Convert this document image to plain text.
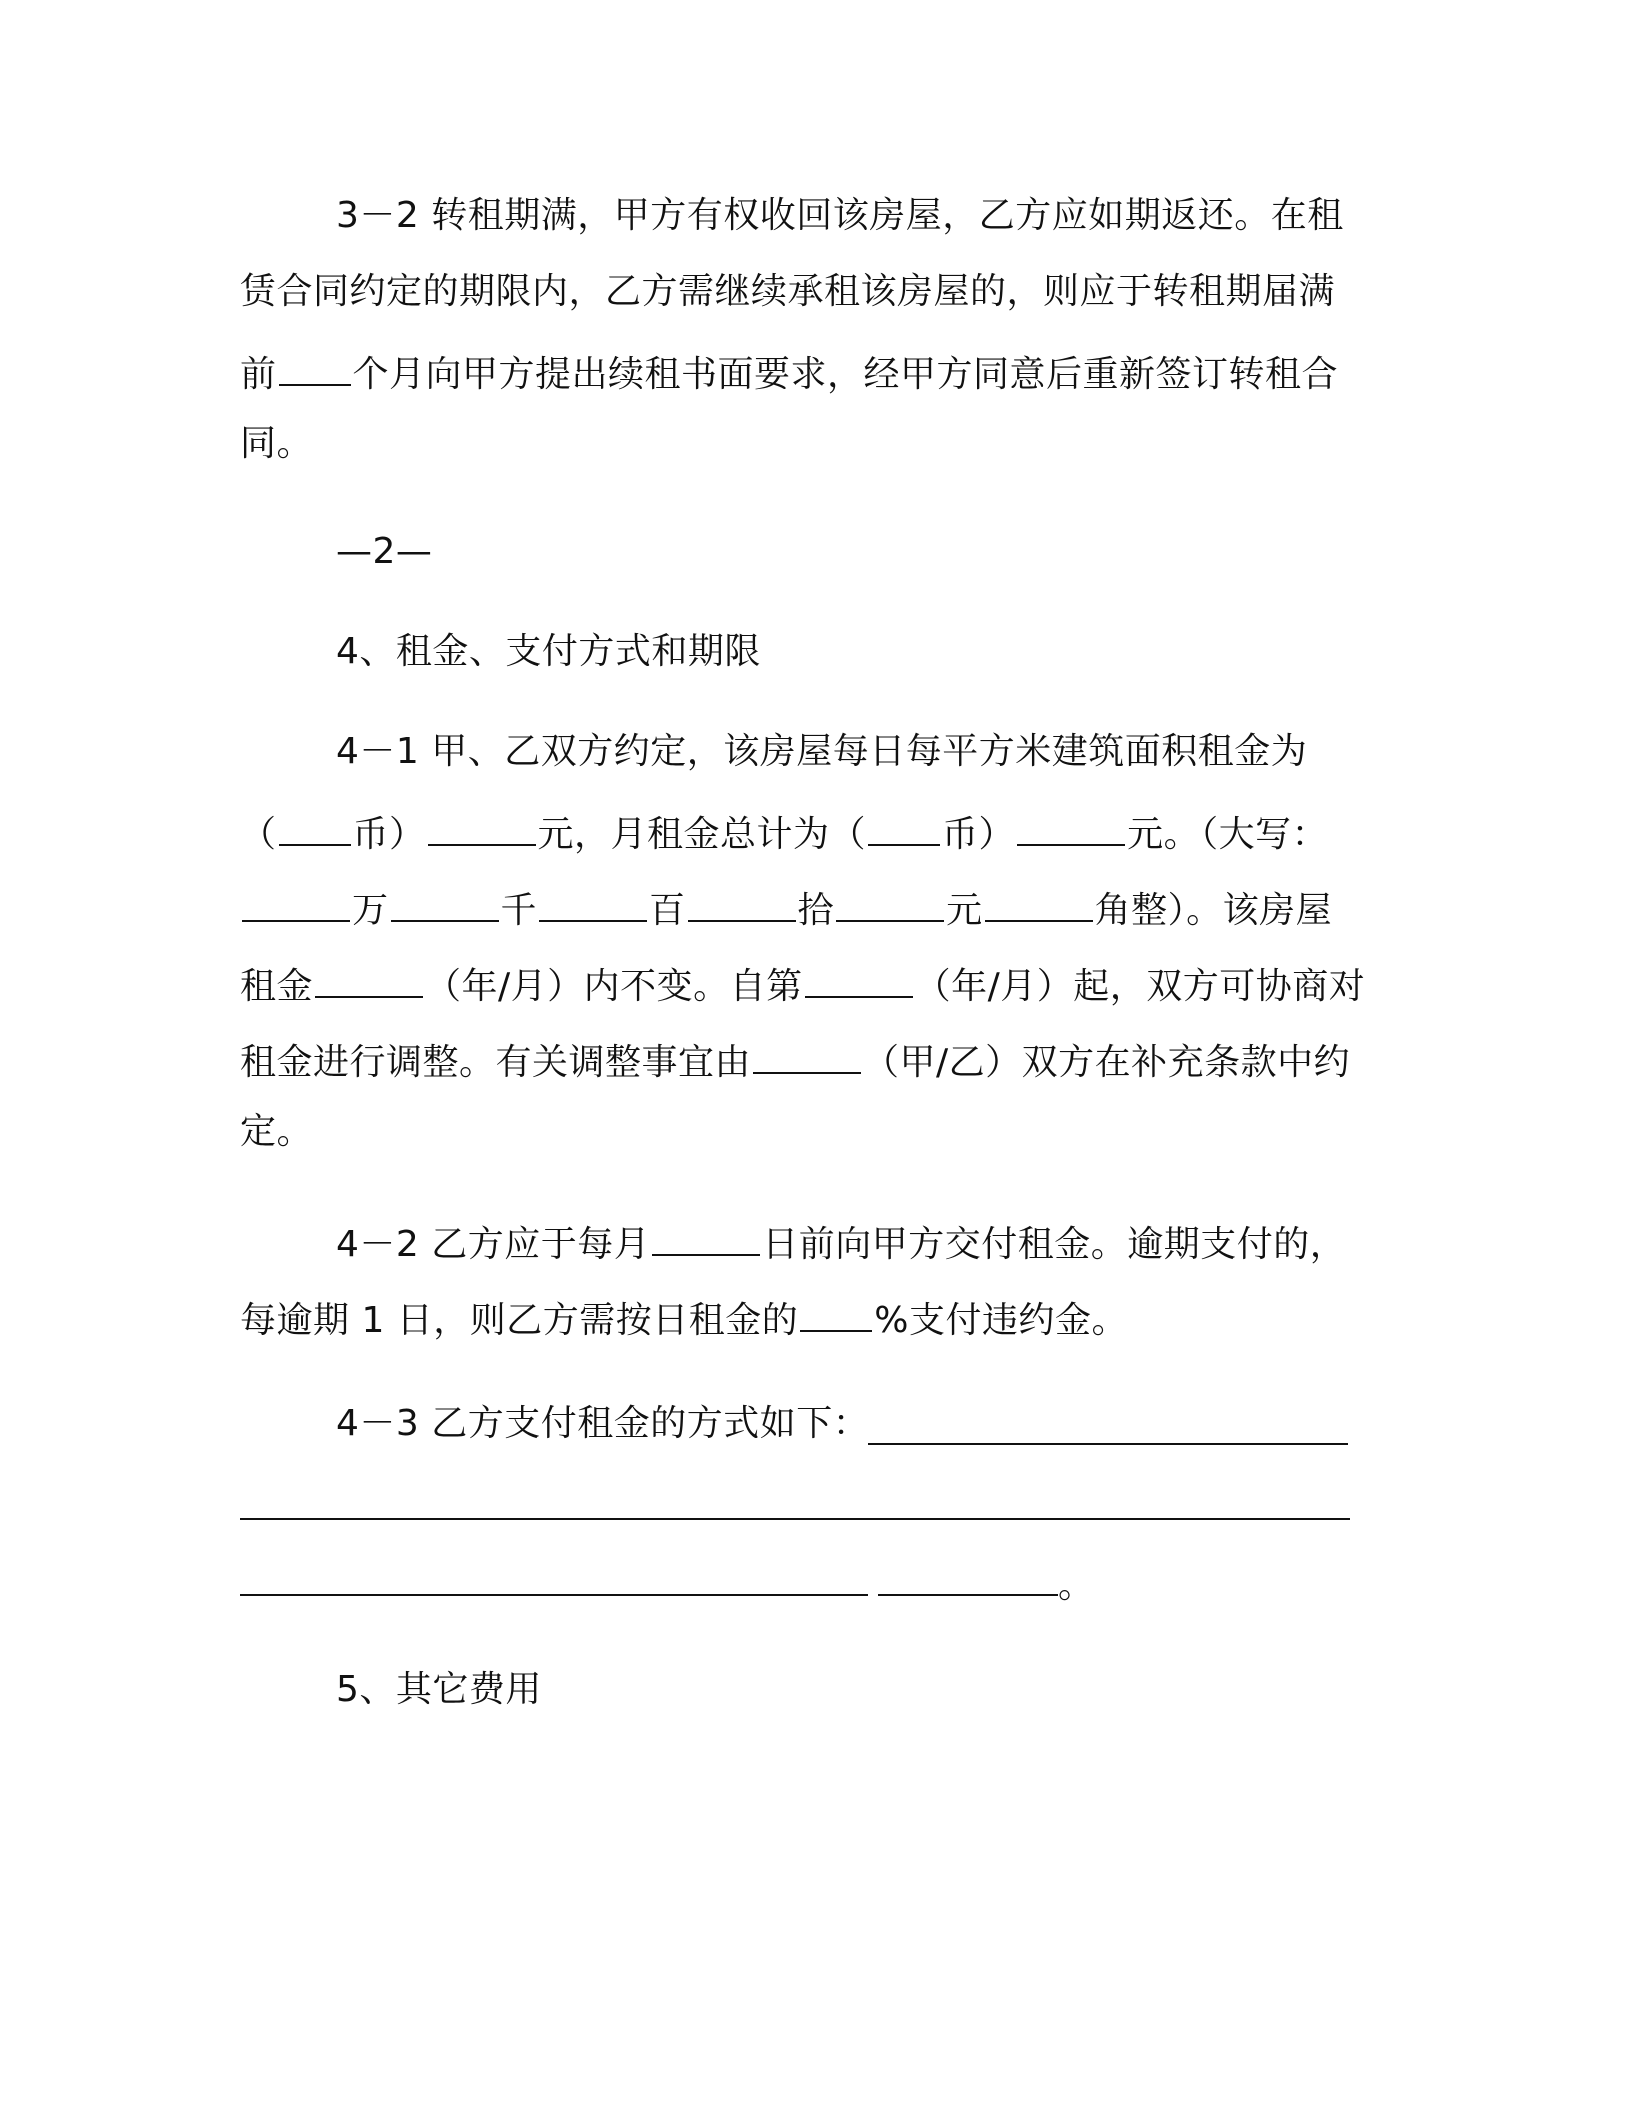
3－2 转租期满，甲方有权收回该房屋，乙方应如期返还。在租
赁合同约定的期限内，乙方需继续承租该房屋的，则应于转租期届满
前 个月向甲方提出续租书面要求，经甲方同意后重新签订转租合
同。
—2—
4、租金、支付方式和期限
4－1 甲、乙双方约定，该房屋每日每平方米建筑面积租金为
（ 币）	元，月租金总计为（ 币）	元。（大写：
万	千	百	拾	元	角整）。该房屋
租金	（年/月）内不变。自第	（年/月）起，双方可协商对
租金进行调整。有关调整事宜由	（甲/乙）双方在补充条款中约
定。
4－2 乙方应于每月	日前向甲方交付租金。逾期支付的，
每逾期 1 日，则乙方需按日租金的 %支付违约金。
4－3 乙方支付租金的方式如下：
。
5、其它费用
